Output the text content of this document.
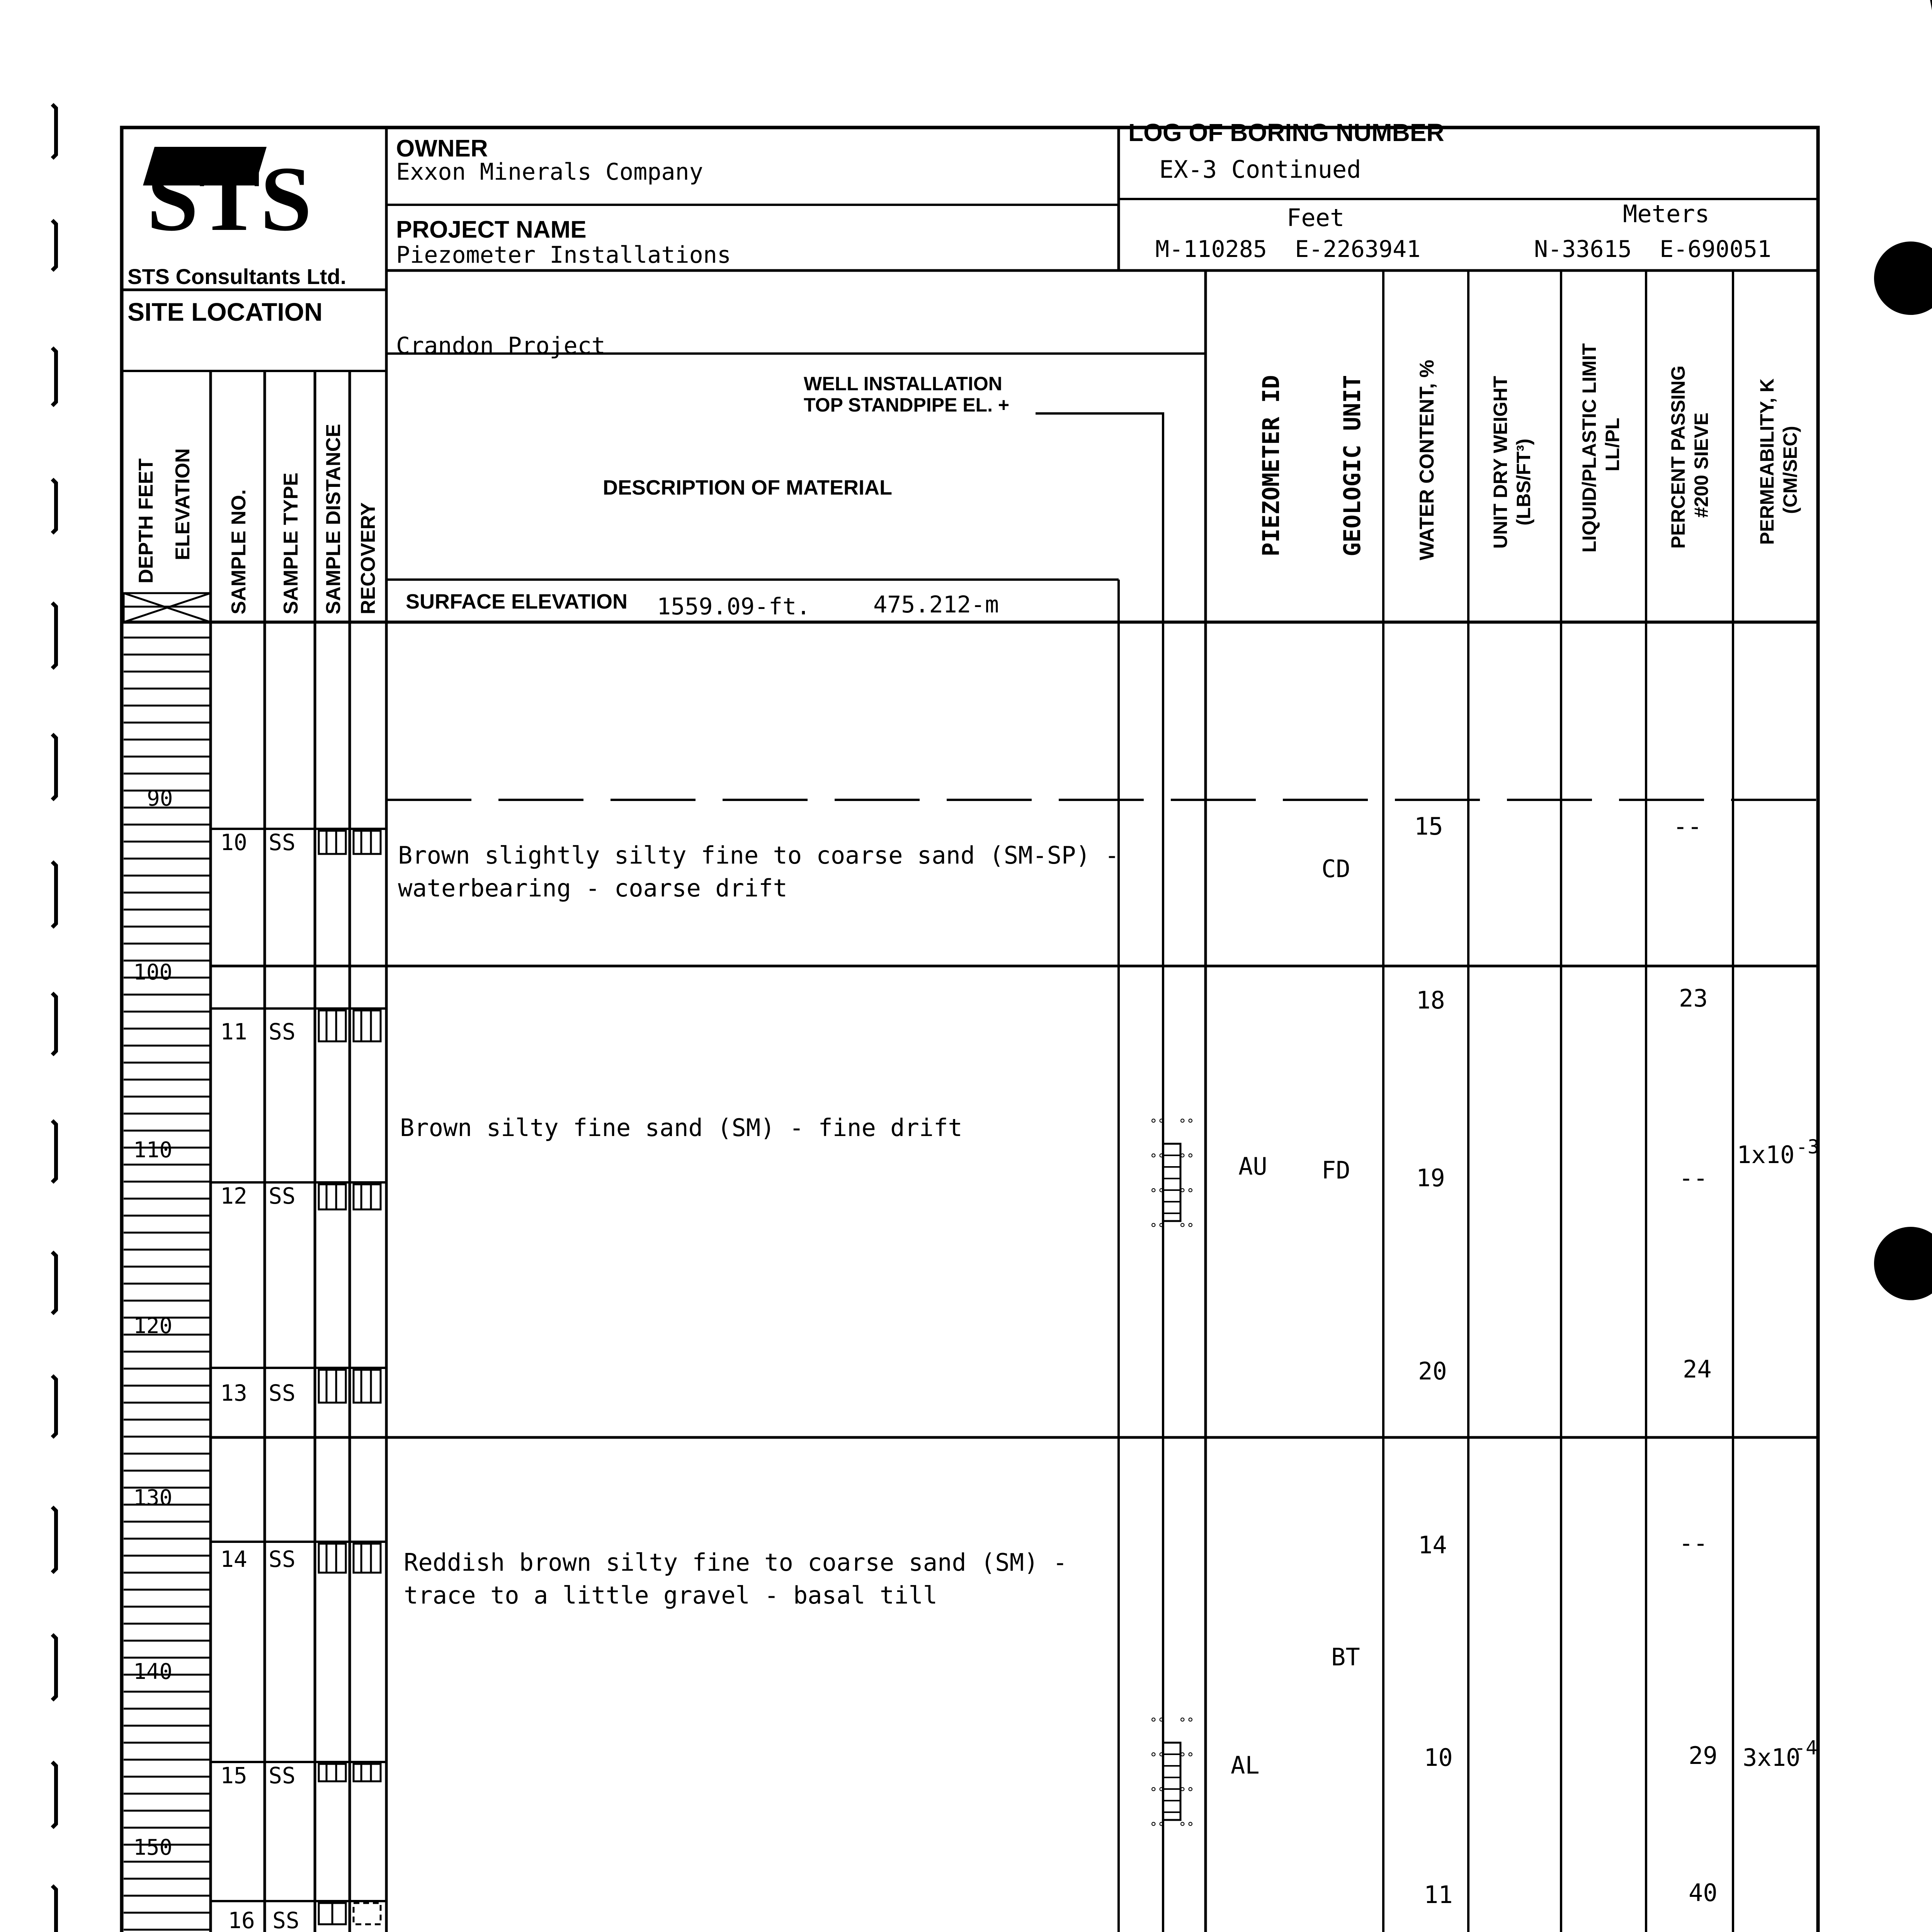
STS
STS Consultants Ltd.
OWNER
Exxon Minerals Company
LOG OF BORING NUMBER
EX-3 Continued
PROJECT NAME
Piezometer Installations
Feet
M-110285  E-2263941
Meters
N-33615  E-690051
SITE LOCATION
Crandon Project
DEPTH FEET ELEVATION SAMPLE NO. SAMPLE TYPE SAMPLE DISTANCE RECOVERY
DESCRIPTION OF MATERIAL
WELL INSTALLATION
TOP STANDPIPE EL. +
SURFACE ELEVATION 1559.09-ft.	475.212-m
PIEZOMETER ID GEOLOGIC UNIT WATER CONTENT, %	UNIT DRY WEIGHT (LBS/FT³) LIQUID/PLASTIC LIMIT LL/PL PERCENT PASSING #200 SIEVE PERMEABILITY, K (CM/SEC)
90
100
110
120
130
140
150
10 SS
11 SS
12 SS
13 SS
14 SS
15 SS
16 SS
Brown slightly silty fine to coarse sand (SM-SP) -
waterbearing - coarse drift
Brown silty fine sand (SM) - fine drift
Reddish brown silty fine to coarse sand (SM) -
trace to a little gravel - basal till
°° °°
°° °°
°° °°
°° °°
°° °°
°° °°
°° °°
°° °°
AU
AL
CD
FD
BT
15
18
19
20
14
10
11
--
23
--
24
--
29
40
1x10 -3
3x10
-4
